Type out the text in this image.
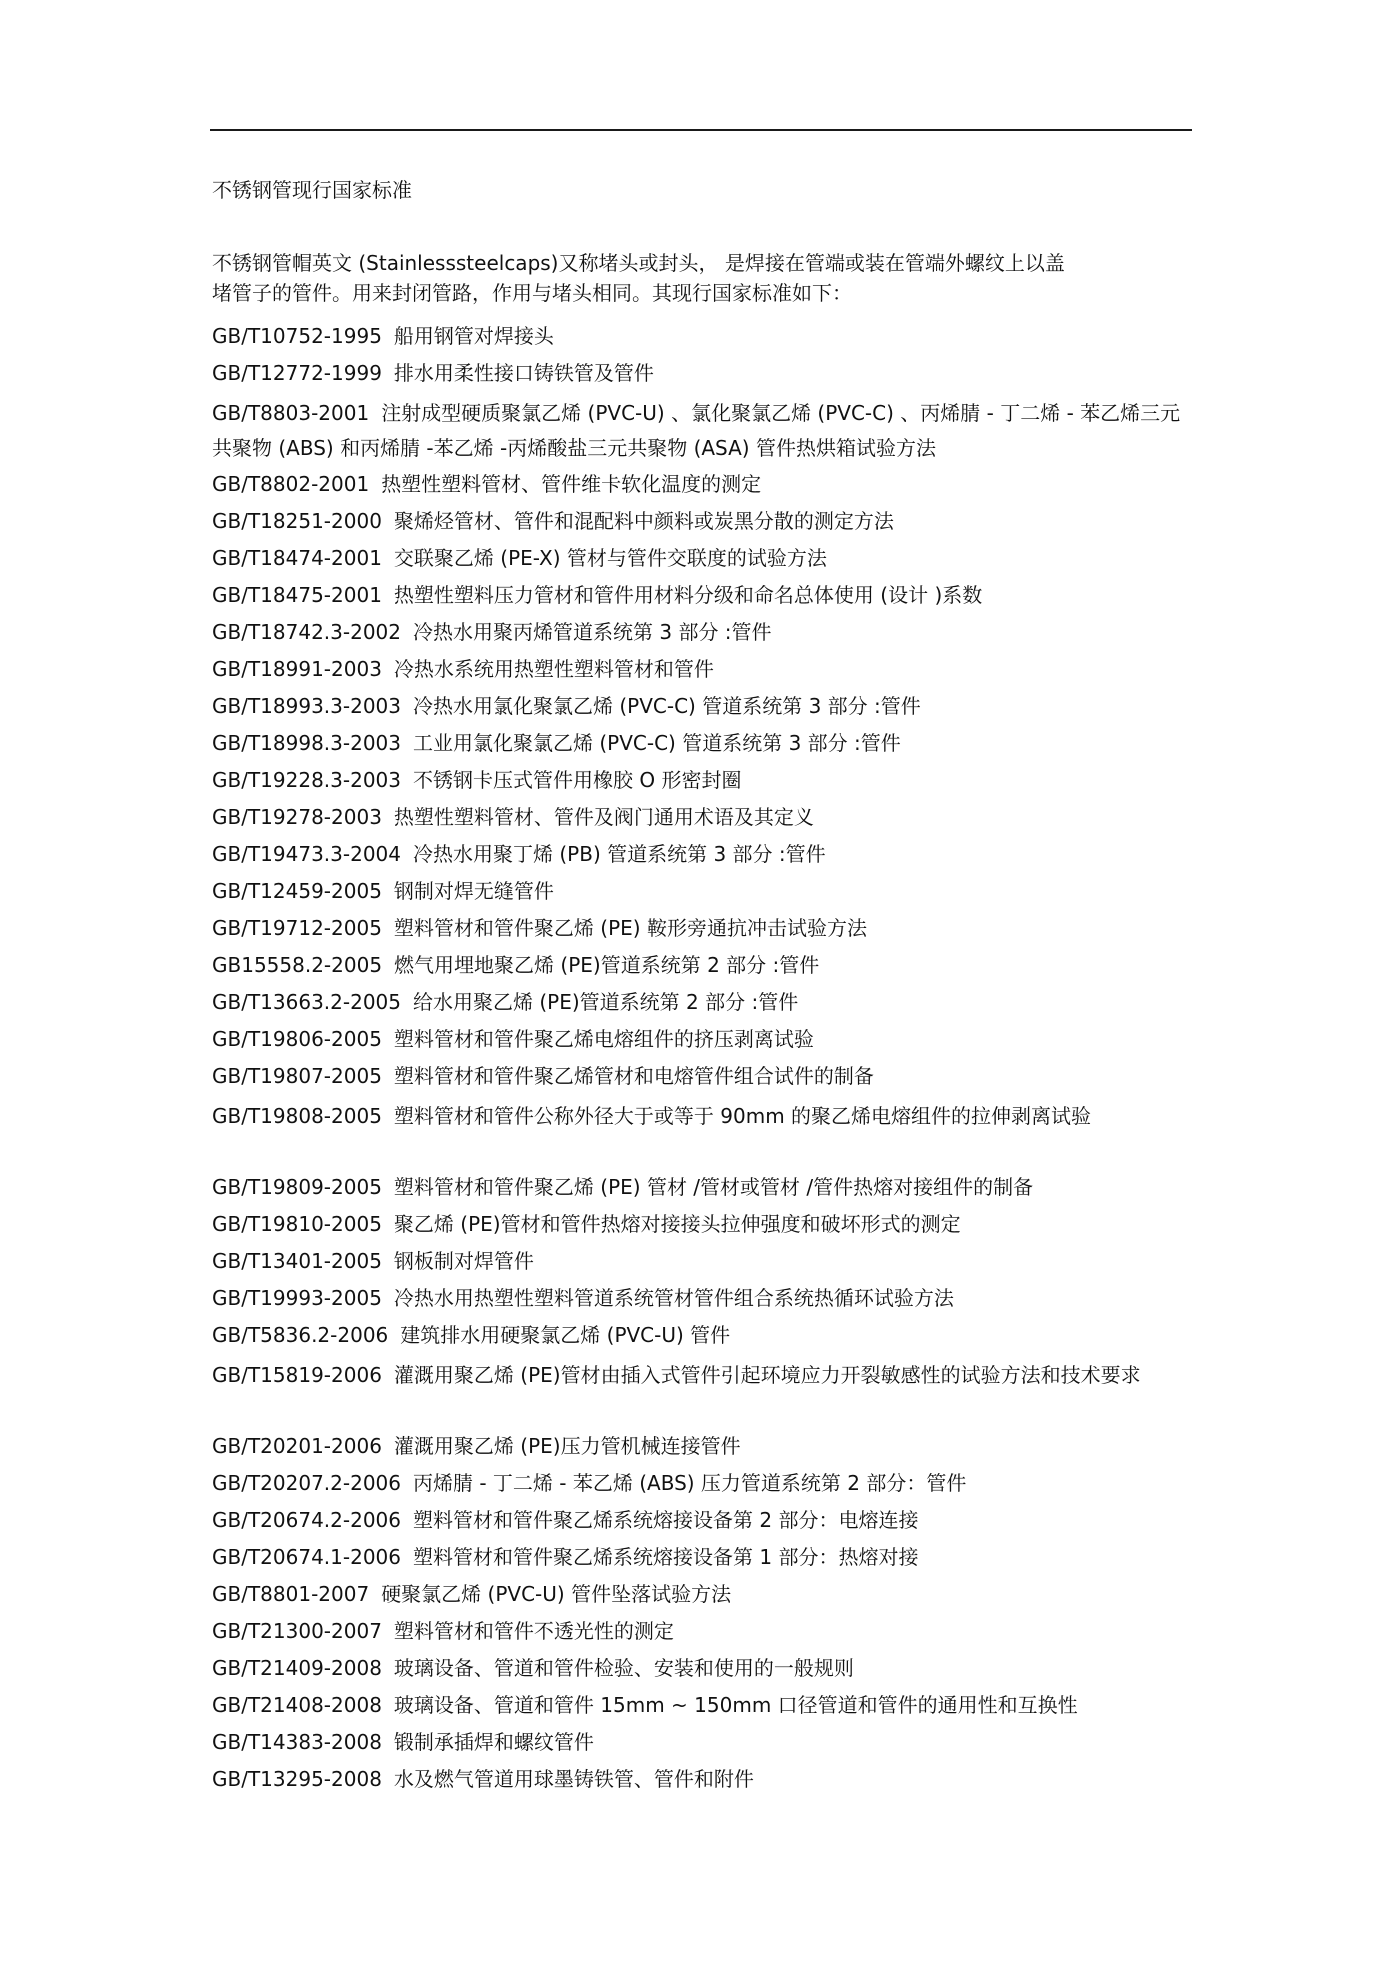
不锈钢管现行国家标准
不锈钢管帽英文 (Stainlesssteelcaps)又称堵头或封头， 是焊接在管端或装在管端外螺纹上以盖
堵管子的管件。用来封闭管路，作用与堵头相同。其现行国家标准如下：
GB/T10752-1995 船用钢管对焊接头
GB/T12772-1999 排水用柔性接口铸铁管及管件
GB/T8803-2001 注射成型硬质聚氯乙烯 (PVC-U) 、氯化聚氯乙烯 (PVC-C) 、丙烯腈 - 丁二烯 - 苯乙烯三元共聚物 (ABS) 和丙烯腈 -苯乙烯 -丙烯酸盐三元共聚物 (ASA) 管件热烘箱试验方法
GB/T8802-2001 热塑性塑料管材、管件维卡软化温度的测定
GB/T18251-2000 聚烯烃管材、管件和混配料中颜料或炭黑分散的测定方法
GB/T18474-2001 交联聚乙烯 (PE-X) 管材与管件交联度的试验方法
GB/T18475-2001 热塑性塑料压力管材和管件用材料分级和命名总体使用 (设计 )系数
GB/T18742.3-2002 冷热水用聚丙烯管道系统第 3 部分 :管件
GB/T18991-2003 冷热水系统用热塑性塑料管材和管件
GB/T18993.3-2003 冷热水用氯化聚氯乙烯 (PVC-C) 管道系统第 3 部分 :管件
GB/T18998.3-2003 工业用氯化聚氯乙烯 (PVC-C) 管道系统第 3 部分 :管件
GB/T19228.3-2003 不锈钢卡压式管件用橡胶 O 形密封圈
GB/T19278-2003 热塑性塑料管材、管件及阀门通用术语及其定义
GB/T19473.3-2004 冷热水用聚丁烯 (PB) 管道系统第 3 部分 :管件
GB/T12459-2005 钢制对焊无缝管件
GB/T19712-2005 塑料管材和管件聚乙烯 (PE) 鞍形旁通抗冲击试验方法
GB15558.2-2005 燃气用埋地聚乙烯 (PE)管道系统第 2 部分 :管件
GB/T13663.2-2005 给水用聚乙烯 (PE)管道系统第 2 部分 :管件
GB/T19806-2005 塑料管材和管件聚乙烯电熔组件的挤压剥离试验
GB/T19807-2005 塑料管材和管件聚乙烯管材和电熔管件组合试件的制备
GB/T19808-2005 塑料管材和管件公称外径大于或等于 90mm 的聚乙烯电熔组件的拉伸剥离试验
GB/T19809-2005 塑料管材和管件聚乙烯 (PE) 管材 /管材或管材 /管件热熔对接组件的制备
GB/T19810-2005 聚乙烯 (PE)管材和管件热熔对接接头拉伸强度和破坏形式的测定
GB/T13401-2005 钢板制对焊管件
GB/T19993-2005 冷热水用热塑性塑料管道系统管材管件组合系统热循环试验方法
GB/T5836.2-2006 建筑排水用硬聚氯乙烯 (PVC-U) 管件
GB/T15819-2006 灌溉用聚乙烯 (PE)管材由插入式管件引起环境应力开裂敏感性的试验方法和技术要求
GB/T20201-2006 灌溉用聚乙烯 (PE)压力管机械连接管件
GB/T20207.2-2006 丙烯腈 - 丁二烯 - 苯乙烯 (ABS) 压力管道系统第 2 部分：管件
GB/T20674.2-2006 塑料管材和管件聚乙烯系统熔接设备第 2 部分：电熔连接
GB/T20674.1-2006 塑料管材和管件聚乙烯系统熔接设备第 1 部分：热熔对接
GB/T8801-2007 硬聚氯乙烯 (PVC-U) 管件坠落试验方法
GB/T21300-2007 塑料管材和管件不透光性的测定
GB/T21409-2008 玻璃设备、管道和管件检验、安装和使用的一般规则
GB/T21408-2008 玻璃设备、管道和管件 15mm ~ 150mm 口径管道和管件的通用性和互换性
GB/T14383-2008 锻制承插焊和螺纹管件
GB/T13295-2008 水及燃气管道用球墨铸铁管、管件和附件
